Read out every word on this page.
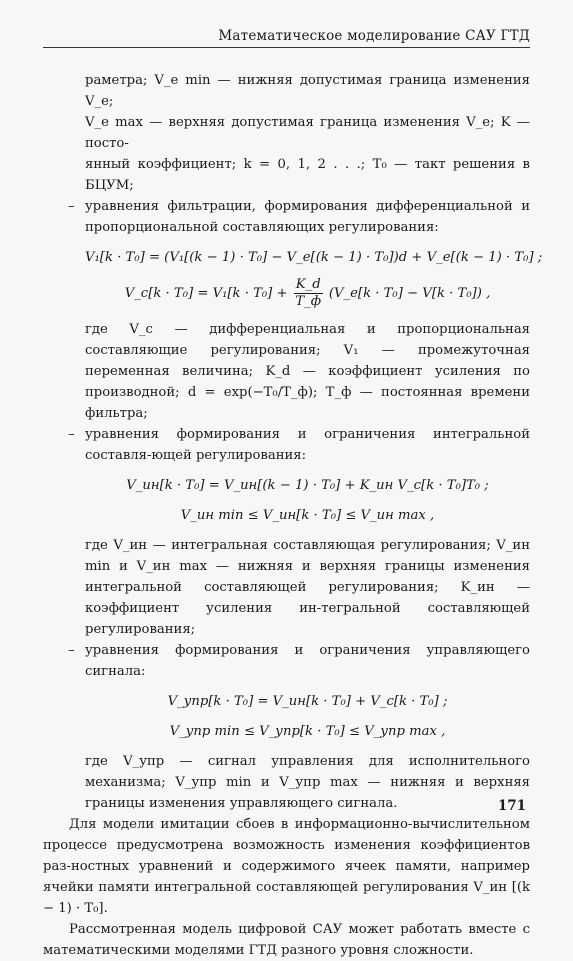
Математическое моделирование САУ ГТД

раметра; V_e min — нижняя допустимая граница изменения V_e;

V_e max — верхняя допустимая граница изменения V_e; K — посто-

янный коэффициент; k = 0, 1, 2 . . .; T₀ — такт решения в БЦУМ;

– уравнения фильтрации, формирования дифференциальной и пропорциональной составляющих регулирования:

V₁[k · T₀] = (V₁[(k − 1) · T₀] − V_e[(k − 1) · T₀])d + V_e[(k − 1) · T₀] ;
V_c[k · $T_0] = V_1[k \cdot T_0] + \frac{K\_d}{T\_ф}$ (V_e[k · T₀] − V[k · T₀]) ,

где V_c — дифференциальная и пропорциональная составляющие регулирования; V₁ — промежуточная переменная величина; K_d — коэффициент усиления по производной; d = exp(−T₀/T_ф); T_ф — постоянная времени фильтра;

– уравнения формирования и ограничения интегральной составля-ющей регулирования:

V_ин[k · T₀] = V_ин[(k − 1) · T₀] + K_ин V_c[k · T₀]T₀ ;
V_ин min ≤ V_ин[k · T₀] ≤ V_ин max ,

где V_ин — интегральная составляющая регулирования; V_ин min и V_ин max — нижняя и верхняя границы изменения интегральной составляющей регулирования; K_ин — коэффициент усиления ин-тегральной составляющей регулирования;

– уравнения формирования и ограничения управляющего сигнала:

V_упр[k · T₀] = V_ин[k · T₀] + V_c[k · T₀] ;
V_упр min ≤ V_упр[k · T₀] ≤ V_упр max ,

где V_упр — сигнал управления для исполнительного механизма; V_упр min и V_упр max — нижняя и верхняя границы изменения управляющего сигнала.

Для модели имитации сбоев в информационно-вычислительном процессе предусмотрена возможность изменения коэффициентов раз-ностных уравнений и содержимого ячеек памяти, например ячейки памяти интегральной составляющей регулирования V_ин [(k − 1) · T₀].

Рассмотренная модель цифровой САУ может работать вместе с математическими моделями ГТД разного уровня сложности.

171
